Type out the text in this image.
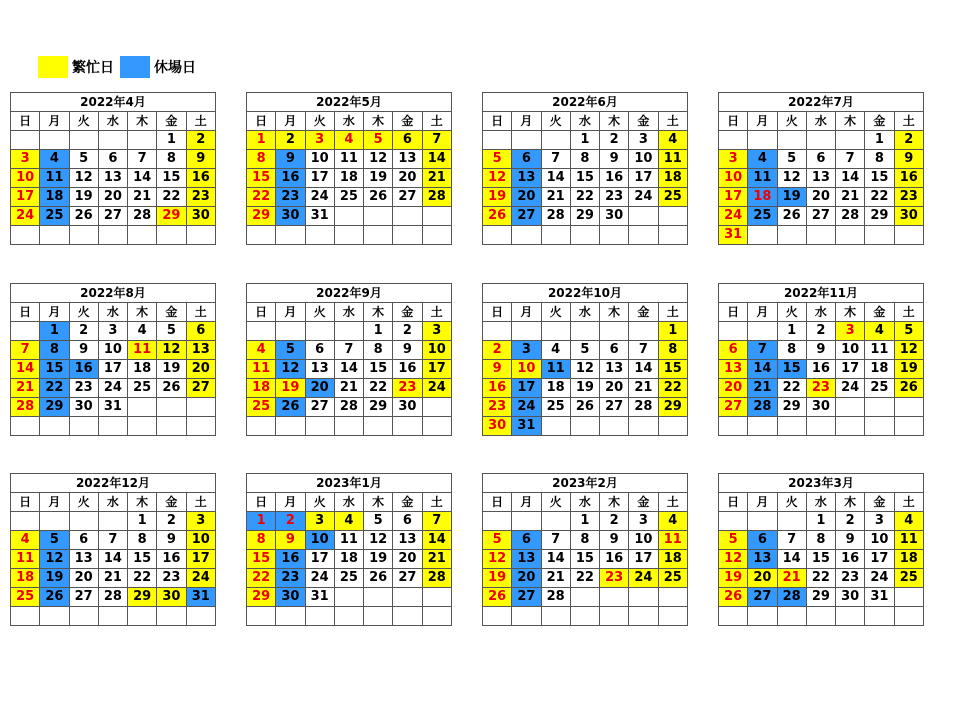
繁忙日	休場日
2022年4月						
日	月	火	水	木	金	土
					1	2
3	4	5	6	7	8	9
10	11	12	13	14	15	16
17	18	19	20	21	22	23
24	25	26	27	28	29	30

2022年5月						
日	月	火	水	木	金	土
1	2	3	4	5	6	7
8	9	10	11	12	13	14
15	16	17	18	19	20	21
22	23	24	25	26	27	28
29	30	31				

2022年6月						
日	月	火	水	木	金	土
			1	2	3	4
5	6	7	8	9	10	11
12	13	14	15	16	17	18
19	20	21	22	23	24	25
26	27	28	29	30		

2022年7月						
日	月	火	水	木	金	土
					1	2
3	4	5	6	7	8	9
10	11	12	13	14	15	16
17	18	19	20	21	22	23
24	25	26	27	28	29	30
31						
2022年8月						
日	月	火	水	木	金	土
	1	2	3	4	5	6
7	8	9	10	11	12	13
14	15	16	17	18	19	20
21	22	23	24	25	26	27
28	29	30	31			

2022年9月						
日	月	火	水	木	金	土
				1	2	3
4	5	6	7	8	9	10
11	12	13	14	15	16	17
18	19	20	21	22	23	24
25	26	27	28	29	30	

2022年10月						
日	月	火	水	木	金	土
						1
2	3	4	5	6	7	8
9	10	11	12	13	14	15
16	17	18	19	20	21	22
23	24	25	26	27	28	29
30	31					
2022年11月						
日	月	火	水	木	金	土
		1	2	3	4	5
6	7	8	9	10	11	12
13	14	15	16	17	18	19
20	21	22	23	24	25	26
27	28	29	30			

2022年12月						
日	月	火	水	木	金	土
				1	2	3
4	5	6	7	8	9	10
11	12	13	14	15	16	17
18	19	20	21	22	23	24
25	26	27	28	29	30	31

2023年1月						
日	月	火	水	木	金	土
1	2	3	4	5	6	7
8	9	10	11	12	13	14
15	16	17	18	19	20	21
22	23	24	25	26	27	28
29	30	31				

2023年2月						
日	月	火	水	木	金	土
			1	2	3	4
5	6	7	8	9	10	11
12	13	14	15	16	17	18
19	20	21	22	23	24	25
26	27	28				

2023年3月						
日	月	火	水	木	金	土
			1	2	3	4
5	6	7	8	9	10	11
12	13	14	15	16	17	18
19	20	21	22	23	24	25
26	27	28	29	30	31	
